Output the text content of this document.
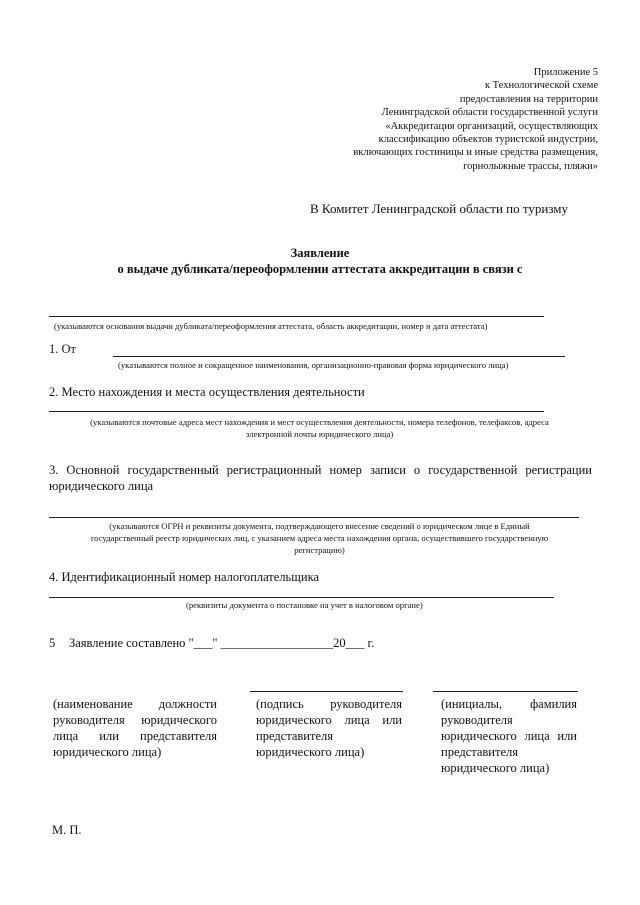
Приложение 5
к Технологической схеме
предоставления на территории
Ленинградской области государственной услуги
«Аккредитация организаций, осуществляющих
классификацию объектов туристской индустрии,
включающих гостиницы и иные средства размещения,
горнолыжные трассы, пляжи»
В Комитет Ленинградской области по туризму
Заявление
о выдаче дубликата/переоформлении аттестата аккредитации в связи с
(указываются основания выдачи дубликата/переоформления аттестата, область аккредитации, номер и дата аттестата)
1. От
(указываются полное и сокращенное наименования, организационно-правовая форма юридического лица)
2. Место нахождения и места осуществления деятельности
(указываются почтовые адреса мест нахождения и мест осуществления деятельности, номера телефонов, телефаксов, адреса
электронной почты юридического лица)
3. Основной государственный регистрационный номер записи о государственной регистрации юридического лица
(указываются ОГРН и реквизиты документа, подтверждающего внесение сведений о юридическом лице в Единый
государственный реестр юридических лиц, с указанием адреса места нахождения органа, осуществившего государственную
регистрацию)
4. Идентификационный номер налогоплательщика
(реквизиты документа о постановке на учет в налоговом органе)
5 Заявление составлено "___" __________________20___ г.
(наименование должности
руководителя юридического
лица или представителя
юридического лица)
(подпись руководителя
юридического лица или
представителя
юридического лица)
(инициалы, фамилия
руководителя
юридического лица или
представителя
юридического лица)
М. П.
